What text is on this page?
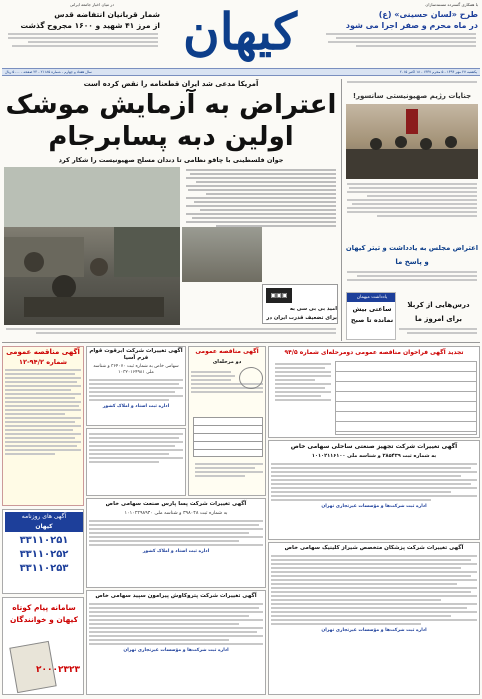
با همکاری گسترده مستندسازان
در میان اخبار جامعه ایرانی	کیهان	طرح «لسان حسینی» (ع)
در ماه محرم و صفر اجرا می شود
شمار قربانیان انتفاضه قدس
از مرز ۴۱ شهید و ۱۶۰۰ مجروح گذشت
یکشنبه ۲۷ مهر ۱۳۹۴ - ۵ محرم ۱۴۳۷ - ۱۸ اکتبر ۲۰۱۵
سال هفتاد و چهارم - شماره ۲۱۱۸۵ - ۲۴ صفحه - ۵۰۰۰ ریال
آمریکا مدعی شد ایران قطعنامه را نقض کرده است
اعتراض به آزمایش موشک
اولین دبه پسابرجام
جوان فلسطینی با چاقو نظامی تا دندان مسلح صهیونیست را شکار کرد
▣▣▣
امید بی بی سی به
برای تضعیف قدرت ایران در
جنایات رژیم صهیونیستی سانسور!
اعتراض مجلس به یادداشت و تیتر کیهان
و پاسخ ما
یادداشت میهمان
ساعتی بیش نمانده تا صبح
درس‌هایی از کربلا
برای امروز ما
آگهی مناقصه عمومی
شماره ۹۴/۲-۱۲
آگهی های روزنامه
کیهان
۳۳۱۱۰۲۵۱ ۳۳۱۱۰۲۵۲ ۳۳۱۱۰۲۵۳
سامانه پیام کوتاه کیهان و خوانندگان
۲۰۰۰۲۳۲۳
آگهی تغییرات شرکت ابرقوت قوام فرم آسیا
سهامی خاص به شماره ثبت ۳۶۴۰۷۰ و شناسه ملی ۱۰۳۲۰۱۶۴۹۸۱
اداره ثبت اسناد و املاک کشور
آگهی مناقصه عمومی
دو مرحله‌ای
تجدید آگهی فراخوان مناقصه عمومی دومرحله‌ای شماره ۹۴/۵
آگهی تغییرات شرکت تجهیز صنعتی ساحلی سهامی خاص
به شماره ثبت ۲۸۵۴۳۹ و شناسه ملی ۱۰۱۰۲۱۱۶۱۰۰
اداره ثبت شرکت‌ها و مؤسسات غیرتجاری تهران
آگهی تغییرات شرکت پسا پارس صنعت سهامی خاص
به شماره ثبت ۳۹۸۰۴۸ و شناسه ملی ۱۰۱۰۲۲۹۸۹۴۰
اداره ثبت اسناد و املاک کشور
آگهی تغییرات شرکت پتروکاوش پیرامون سپید سهامی خاص
اداره ثبت شرکت‌ها و مؤسسات غیرتجاری تهران
آگهی تغییرات شرکت پزشکان متخصص شیراز کلینیک سهامی خاص
اداره ثبت شرکت‌ها و مؤسسات غیرتجاری تهران
